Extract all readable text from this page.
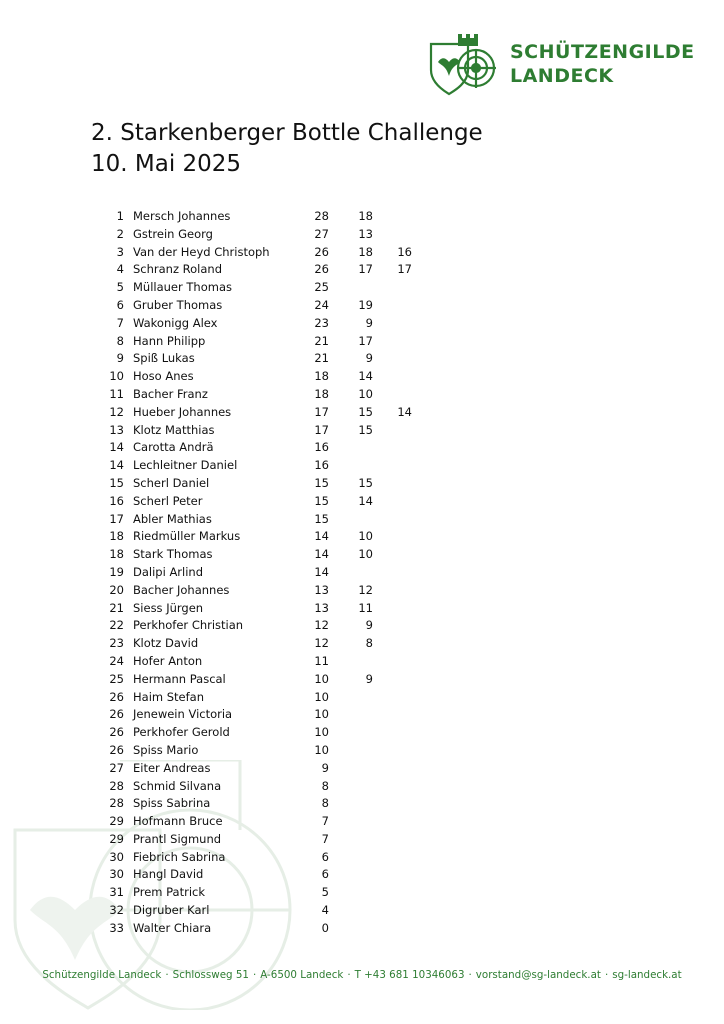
SCHÜTZENGILDE
LANDECK
2. Starkenberger Bottle Challenge
10. Mai 2025
1 Mersch Johannes	28	18
2 Gstrein Georg	27	13
3 Van der Heyd Christoph	26	18	16
4 Schranz Roland	26	17	17
5 Müllauer Thomas	25
6 Gruber Thomas	24	19
7 Wakonigg Alex	23	9
8 Hann Philipp	21	17
9 Spiß Lukas	21	9
10 Hoso Anes	18	14
11 Bacher Franz	18	10
12 Hueber Johannes	17	15	14
13 Klotz Matthias	17	15
14 Carotta Andrä	16
14 Lechleitner Daniel	16
15 Scherl Daniel	15	15
16 Scherl Peter	15	14
17 Abler Mathias	15
18 Riedmüller Markus	14	10
18 Stark Thomas	14	10
19 Dalipi Arlind	14
20 Bacher Johannes	13	12
21 Siess Jürgen	13	11
22 Perkhofer Christian	12	9
23 Klotz David	12	8
24 Hofer Anton	11
25 Hermann Pascal	10	9
26 Haim Stefan	10
26 Jenewein Victoria	10
26 Perkhofer Gerold	10
26 Spiss Mario	10
27 Eiter Andreas	9
28 Schmid Silvana	8
28 Spiss Sabrina	8
29 Hofmann Bruce	7
29 Prantl Sigmund	7
30 Fiebrich Sabrina	6
30 Hangl David	6
31 Prem Patrick	5
32 Digruber Karl	4
33 Walter Chiara	0
Schützengilde Landeck · Schlossweg 51 · A-6500 Landeck · T +43 681 10346063 · vorstand@sg-landeck.at · sg-landeck.at
